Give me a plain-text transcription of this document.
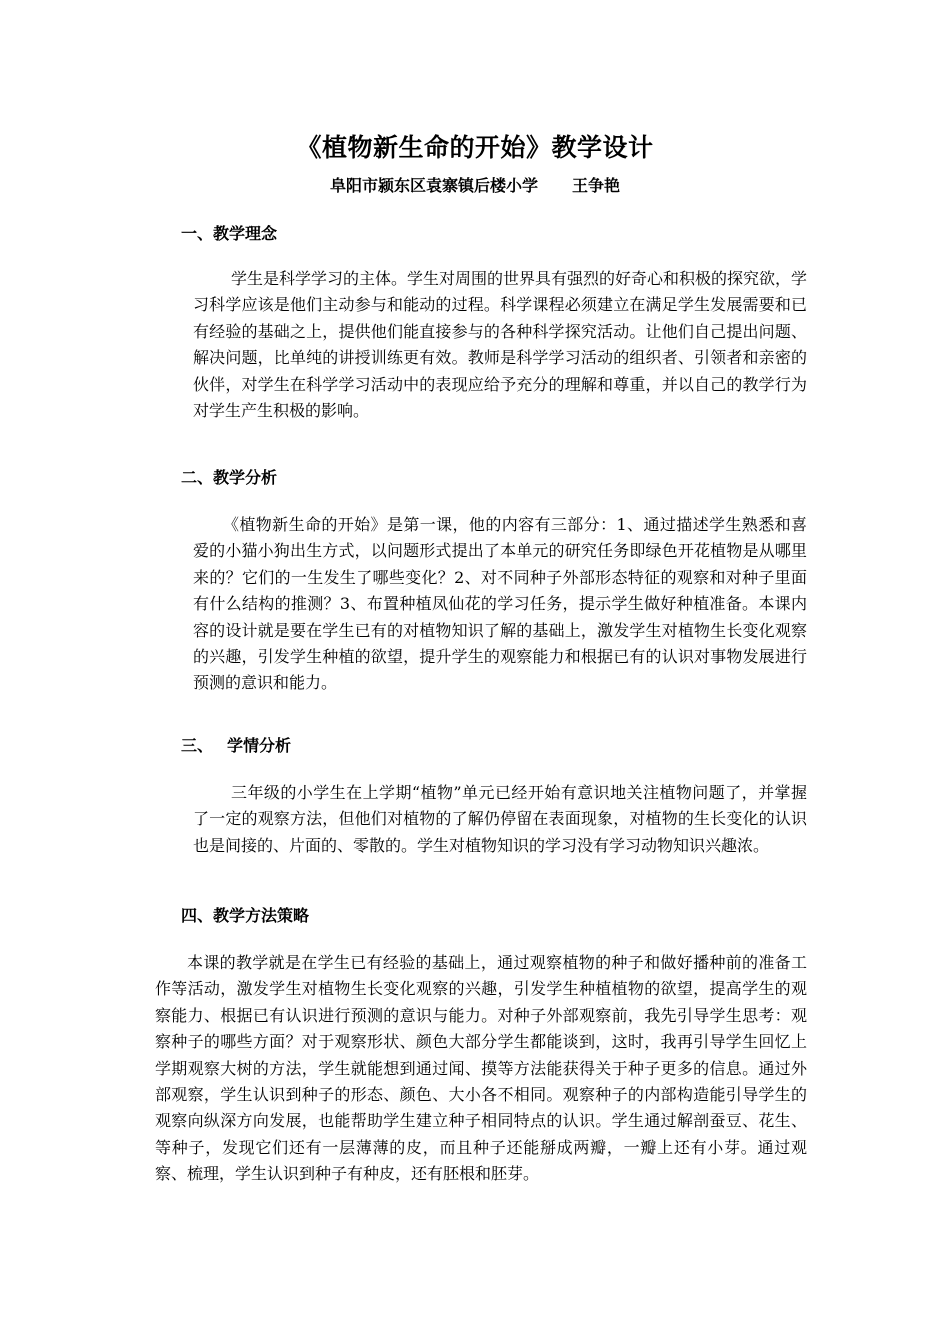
《植物新生命的开始》教学设计
阜阳市颍东区袁寨镇后楼小学 王争艳
一、教学理念

学生是科学学习的主体。学生对周围的世界具有强烈的好奇心和积极的探究欲，学习科学应该是他们主动参与和能动的过程。科学课程必须建立在满足学生发展需要和已有经验的基础之上，提供他们能直接参与的各种科学探究活动。让他们自己提出问题、解决问题，比单纯的讲授训练更有效。教师是科学学习活动的组织者、引领者和亲密的伙伴，对学生在科学学习活动中的表现应给予充分的理解和尊重，并以自己的教学行为对学生产生积极的影响。

二、教学分析

《植物新生命的开始》是第一课，他的内容有三部分：1、通过描述学生熟悉和喜爱的小猫小狗出生方式，以问题形式提出了本单元的研究任务即绿色开花植物是从哪里来的？它们的一生发生了哪些变化？2、对不同种子外部形态特征的观察和对种子里面有什么结构的推测？3、布置种植凤仙花的学习任务，提示学生做好种植准备。本课内容的设计就是要在学生已有的对植物知识了解的基础上，激发学生对植物生长变化观察的兴趣，引发学生种植的欲望，提升学生的观察能力和根据已有的认识对事物发展进行预测的意识和能力。

三、 学情分析

三年级的小学生在上学期“植物”单元已经开始有意识地关注植物问题了，并掌握了一定的观察方法，但他们对植物的了解仍停留在表面现象，对植物的生长变化的认识也是间接的、片面的、零散的。学生对植物知识的学习没有学习动物知识兴趣浓。

四、教学方法策略

本课的教学就是在学生已有经验的基础上，通过观察植物的种子和做好播种前的准备工作等活动，激发学生对植物生长变化观察的兴趣，引发学生种植植物的欲望，提高学生的观察能力、根据已有认识进行预测的意识与能力。对种子外部观察前，我先引导学生思考：观察种子的哪些方面？对于观察形状、颜色大部分学生都能谈到，这时，我再引导学生回忆上学期观察大树的方法，学生就能想到通过闻、摸等方法能获得关于种子更多的信息。通过外部观察，学生认识到种子的形态、颜色、大小各不相同。观察种子的内部构造能引导学生的观察向纵深方向发展，也能帮助学生建立种子相同特点的认识。学生通过解剖蚕豆、花生、等种子，发现它们还有一层薄薄的皮，而且种子还能掰成两瓣，一瓣上还有小芽。通过观察、梳理，学生认识到种子有种皮，还有胚根和胚芽。
